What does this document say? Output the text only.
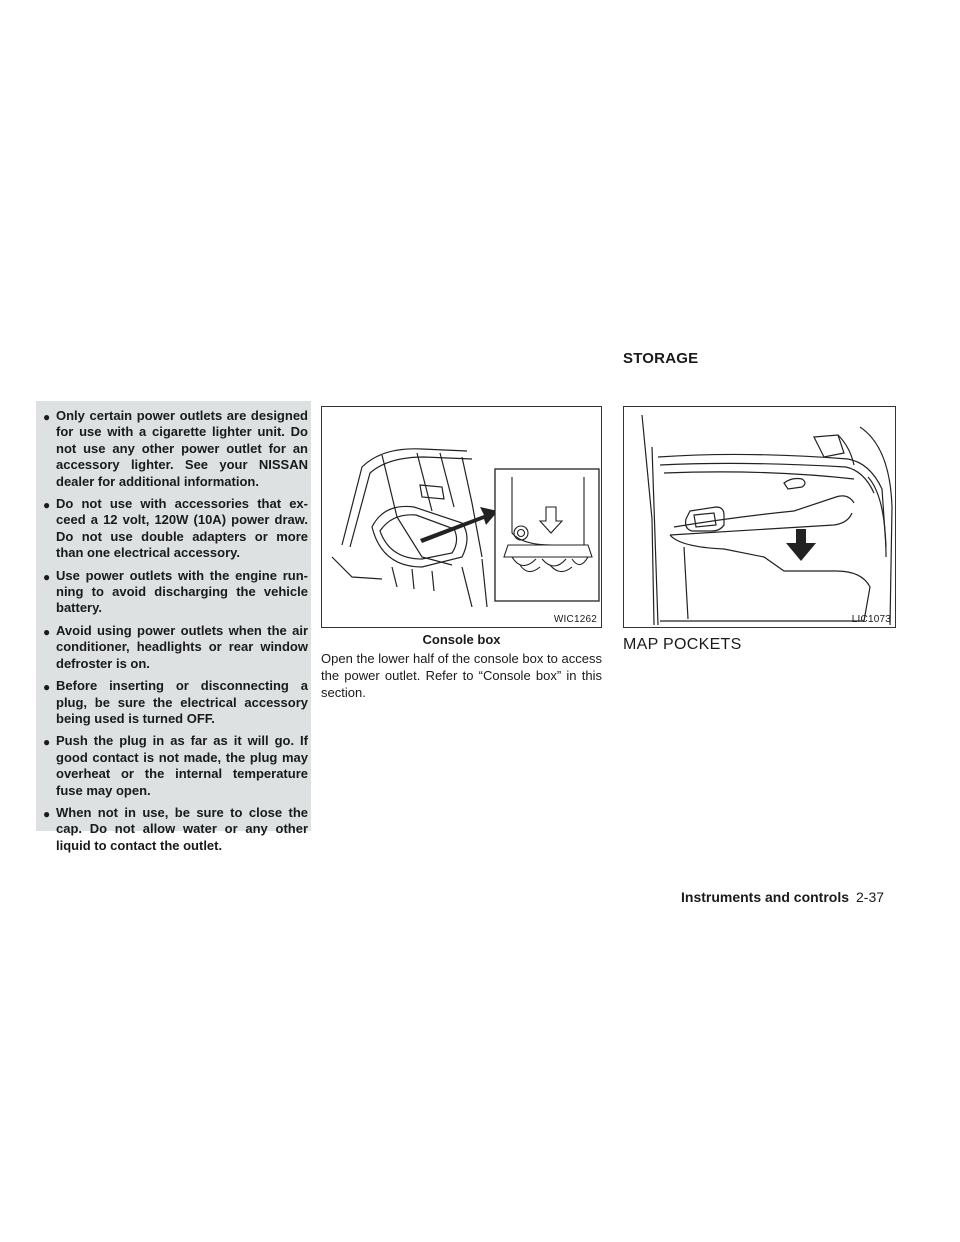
STORAGE
● Only certain power outlets are designed for use with a cigarette lighter unit. Do not use any other power outlet for an accessory lighter. See your NISSAN dealer for additional information.
● Do not use with accessories that ex- ceed a 12 volt, 120W (10A) power draw. Do not use double adapters or more than one electrical accessory.
● Use power outlets with the engine run- ning to avoid discharging the vehicle battery.
● Avoid using power outlets when the air conditioner, headlights or rear window defroster is on.
● Before inserting or disconnecting a plug, be sure the electrical accessory being used is turned OFF.
● Push the plug in as far as it will go. If good contact is not made, the plug may overheat or the internal temperature fuse may open.
● When not in use, be sure to close the cap. Do not allow water or any other liquid to contact the outlet.
WIC1262
Console box
Open the lower half of the console box to access the power outlet. Refer to “Console box” in this section.
LIC1073
MAP POCKETS
Instruments and controls 2-37
